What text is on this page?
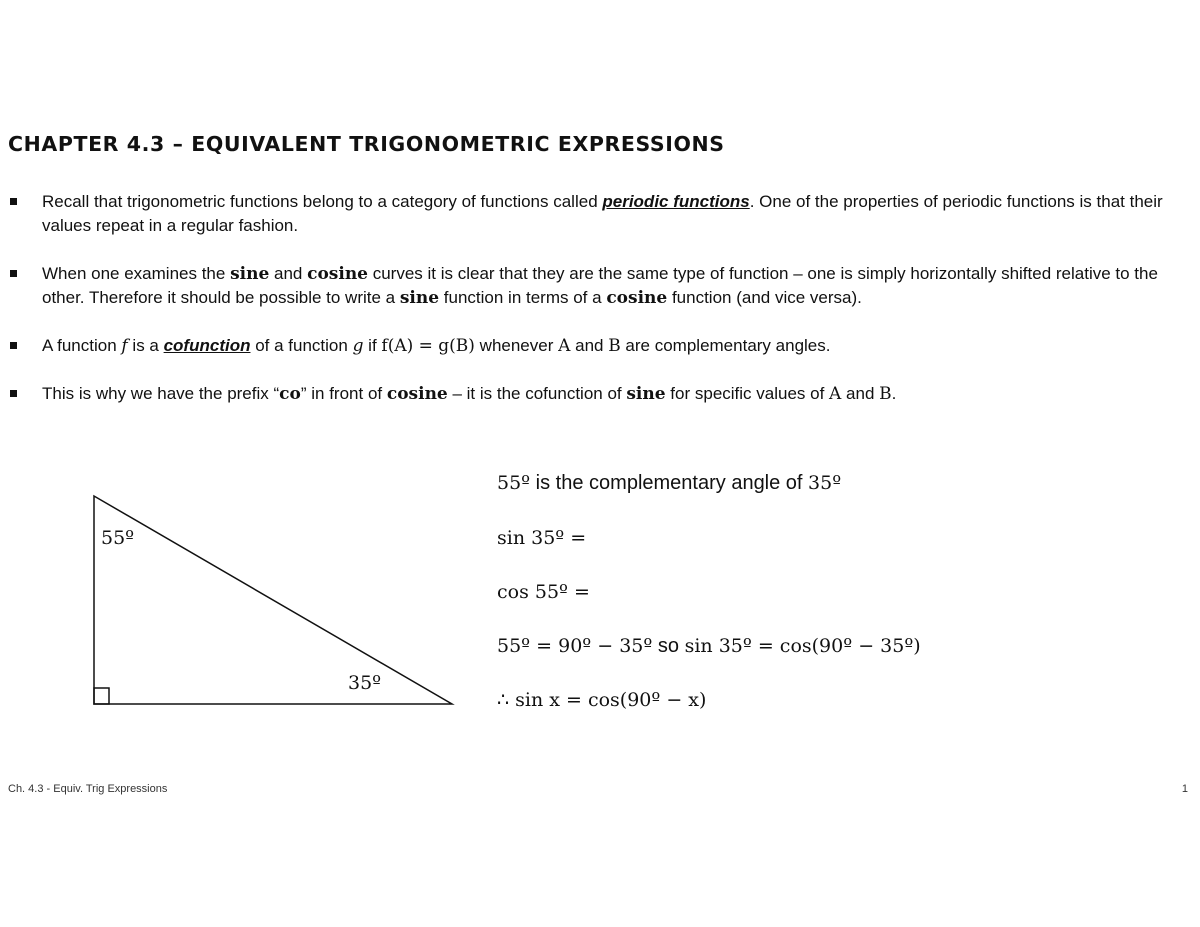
CHAPTER 4.3 – EQUIVALENT TRIGONOMETRIC EXPRESSIONS
Recall that trigonometric functions belong to a category of functions called periodic functions. One of the properties of periodic functions is that their values repeat in a regular fashion.
When one examines the sine and cosine curves it is clear that they are the same type of function – one is simply horizontally shifted relative to the other. Therefore it should be possible to write a sine function in terms of a cosine function (and vice versa).
A function f is a cofunction of a function g if f(A) = g(B) whenever A and B are complementary angles.
This is why we have the prefix “co” in front of cosine – it is the cofunction of sine for specific values of A and B.
55º
35º
55º is the complementary angle of 35º
sin 35º =
cos 55º =
55º = 90º − 35º so sin 35º = cos(90º − 35º)
∴ sin x = cos(90º − x)
Ch. 4.3 - Equiv. Trig Expressions	1
